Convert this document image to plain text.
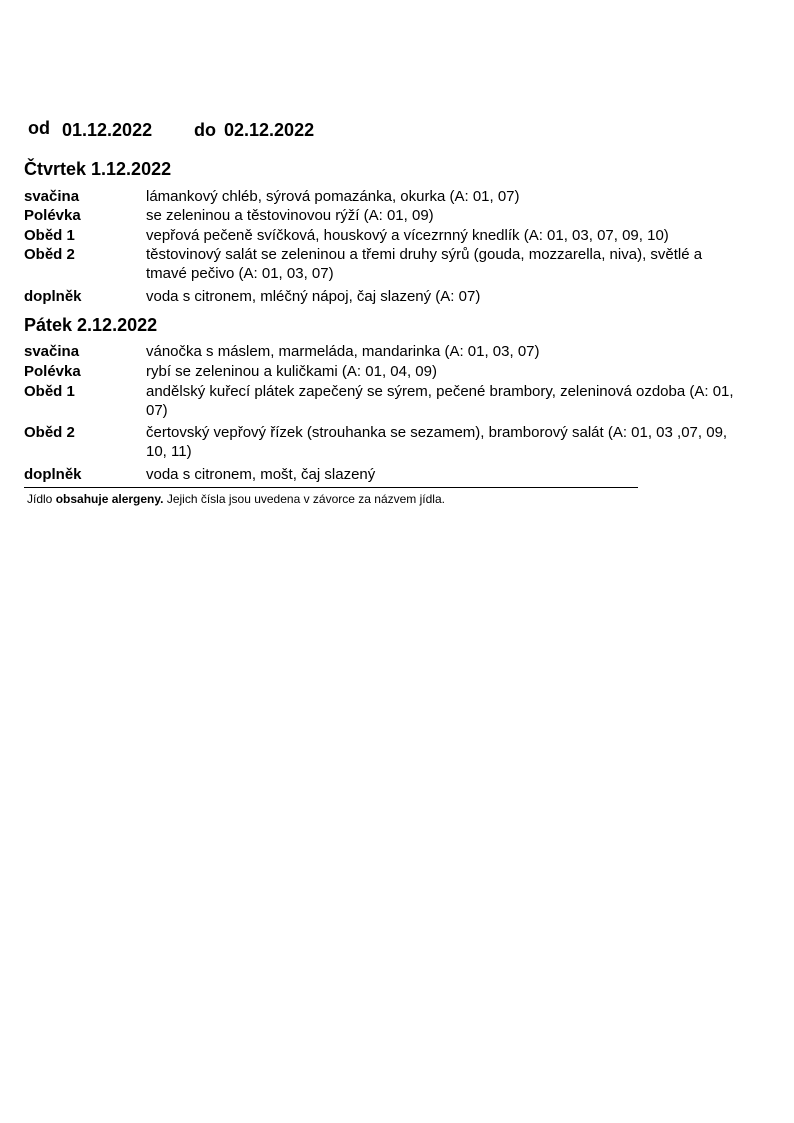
od 01.12.2022 do 02.12.2022
Čtvrtek 1.12.2022
svačina	lámankový chléb, sýrová pomazánka, okurka (A: 01, 07)
Polévka	se zeleninou a těstovinovou rýží (A: 01, 09)
Oběd 1	vepřová pečeně svíčková, houskový a vícezrnný knedlík (A: 01, 03, 07, 09, 10)
Oběd 2	těstovinový salát se zeleninou a třemi druhy sýrů (gouda, mozzarella, niva), světlé a tmavé pečivo (A: 01, 03, 07)
doplněk	voda s citronem, mléčný nápoj, čaj slazený (A: 07)
Pátek 2.12.2022
svačina	vánočka s máslem, marmeláda, mandarinka (A: 01, 03, 07)
Polévka	rybí se zeleninou a kuličkami (A: 01, 04, 09)
Oběd 1	andělský kuřecí plátek zapečený se sýrem, pečené brambory, zeleninová ozdoba (A: 01, 07)
Oběd 2	čertovský vepřový řízek (strouhanka se sezamem), bramborový salát (A: 01, 03 ,07, 09, 10, 11)
doplněk	voda s citronem, mošt, čaj slazený
Jídlo obsahuje alergeny. Jejich čísla jsou uvedena v závorce za názvem jídla.
